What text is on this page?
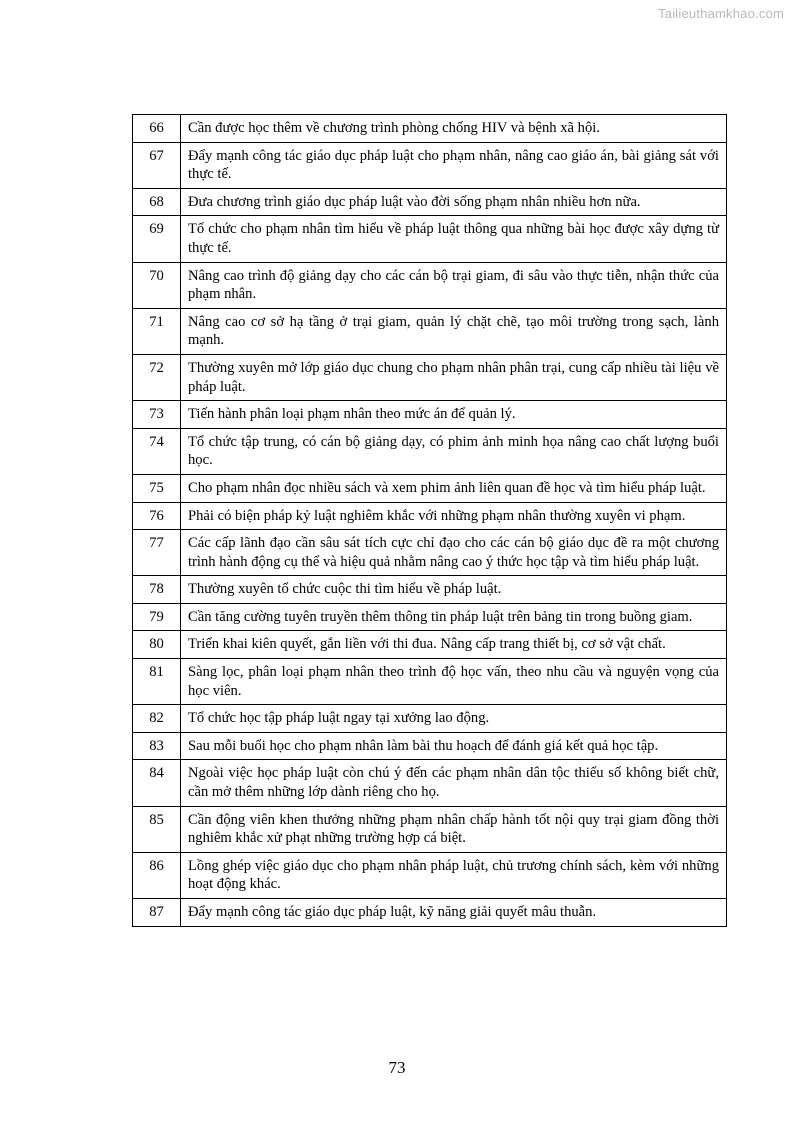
Tailieuthamkhao.com
66	Cần được học thêm về chương trình phòng chống HIV và bệnh xã hội.
67	Đẩy mạnh công tác giáo dục pháp luật cho phạm nhân, nâng cao giáo án, bài giảng sát với thực tế.
68	Đưa chương trình giáo dục pháp luật vào đời sống phạm nhân nhiều hơn nữa.
69	Tổ chức cho phạm nhân tìm hiểu về pháp luật thông qua những bài học được xây dựng từ thực tế.
70	Nâng cao trình độ giảng dạy cho các cán bộ trại giam, đi sâu vào thực tiễn, nhận thức của phạm nhân.
71	Nâng cao cơ sở hạ tầng ở trại giam, quản lý chặt chẽ, tạo môi trường trong sạch, lành mạnh.
72	Thường xuyên mở lớp giáo dục chung cho phạm nhân phân trại, cung cấp nhiều tài liệu về pháp luật.
73	Tiến hành phân loại phạm nhân theo mức án để quản lý.
74	Tổ chức tập trung, có cán bộ giảng dạy, có phim ảnh minh họa nâng cao chất lượng buổi học.
75	Cho phạm nhân đọc nhiều sách và xem phim ảnh liên quan đề học và tìm hiểu pháp luật.
76	Phải có biện pháp kỷ luật nghiêm khắc với những phạm nhân thường xuyên vi phạm.
77	Các cấp lãnh đạo cần sâu sát tích cực chỉ đạo cho các cán bộ giáo dục đề ra một chương trình hành động cụ thể và hiệu quả nhằm nâng cao ý thức học tập và tìm hiểu pháp luật.
78	Thường xuyên tổ chức cuộc thi tìm hiểu về pháp luật.
79	Cần tăng cường tuyên truyền thêm thông tin pháp luật trên bảng tin trong buồng giam.
80	Triển khai kiên quyết, gắn liền với thi đua. Nâng cấp trang thiết bị, cơ sở vật chất.
81	Sàng lọc, phân loại phạm nhân theo trình độ học vấn, theo nhu cầu và nguyện vọng của học viên.
82	Tổ chức học tập pháp luật ngay tại xưởng lao động.
83	Sau mỗi buổi học cho phạm nhân làm bài thu hoạch để đánh giá kết quả học tập.
84	Ngoài việc học pháp luật còn chú ý đến các phạm nhân dân tộc thiểu số không biết chữ, cần mở thêm những lớp dành riêng cho họ.
85	Cần động viên khen thưởng những phạm nhân chấp hành tốt nội quy trại giam đồng thời nghiêm khắc xử phạt những trường hợp cá biệt.
86	Lồng ghép việc giáo dục cho phạm nhân pháp luật, chủ trương chính sách, kèm với những hoạt động khác.
87	Đẩy mạnh công tác giáo dục pháp luật, kỹ năng giải quyết mâu thuẫn.
73
